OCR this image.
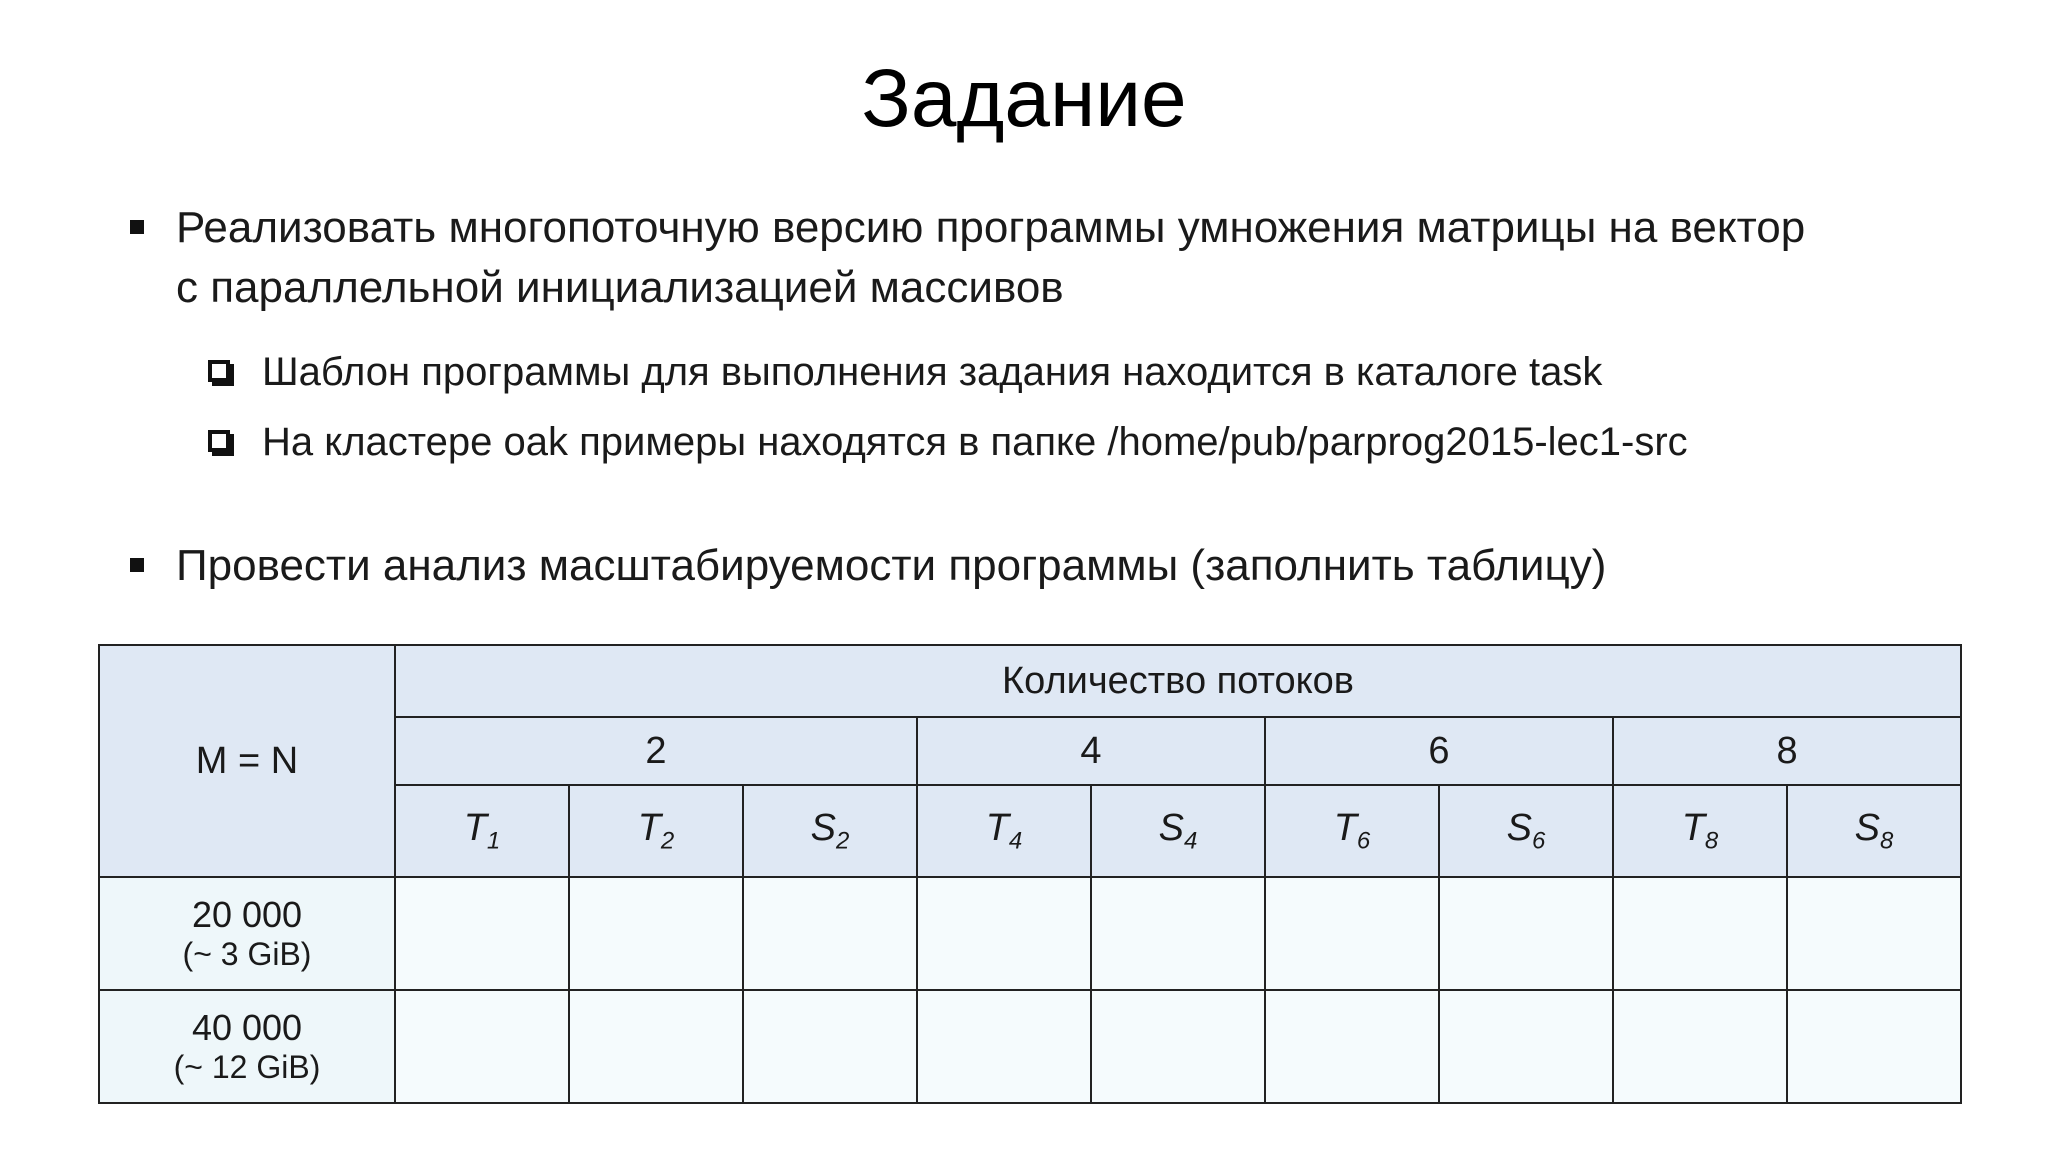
Задание
Реализовать многопоточную версию программы умножения матрицы на вектор
с параллельной инициализацией массивов
Шаблон программы для выполнения задания находится в каталоге task
На кластере oak примеры находятся в папке /home/pub/parprog2015-lec1-src
Провести анализ масштабируемости программы (заполнить таблицу)
M = N	Количество потоков								
	2			4		6		8	
	$T_1$	$T_2$	$S_2$	$T_4$	$S_4$	$T_6$	$S_6$	$T_8$	$S_8$

20 000
(~ 3 GiB)									

40 000
(~ 12 GiB)									
